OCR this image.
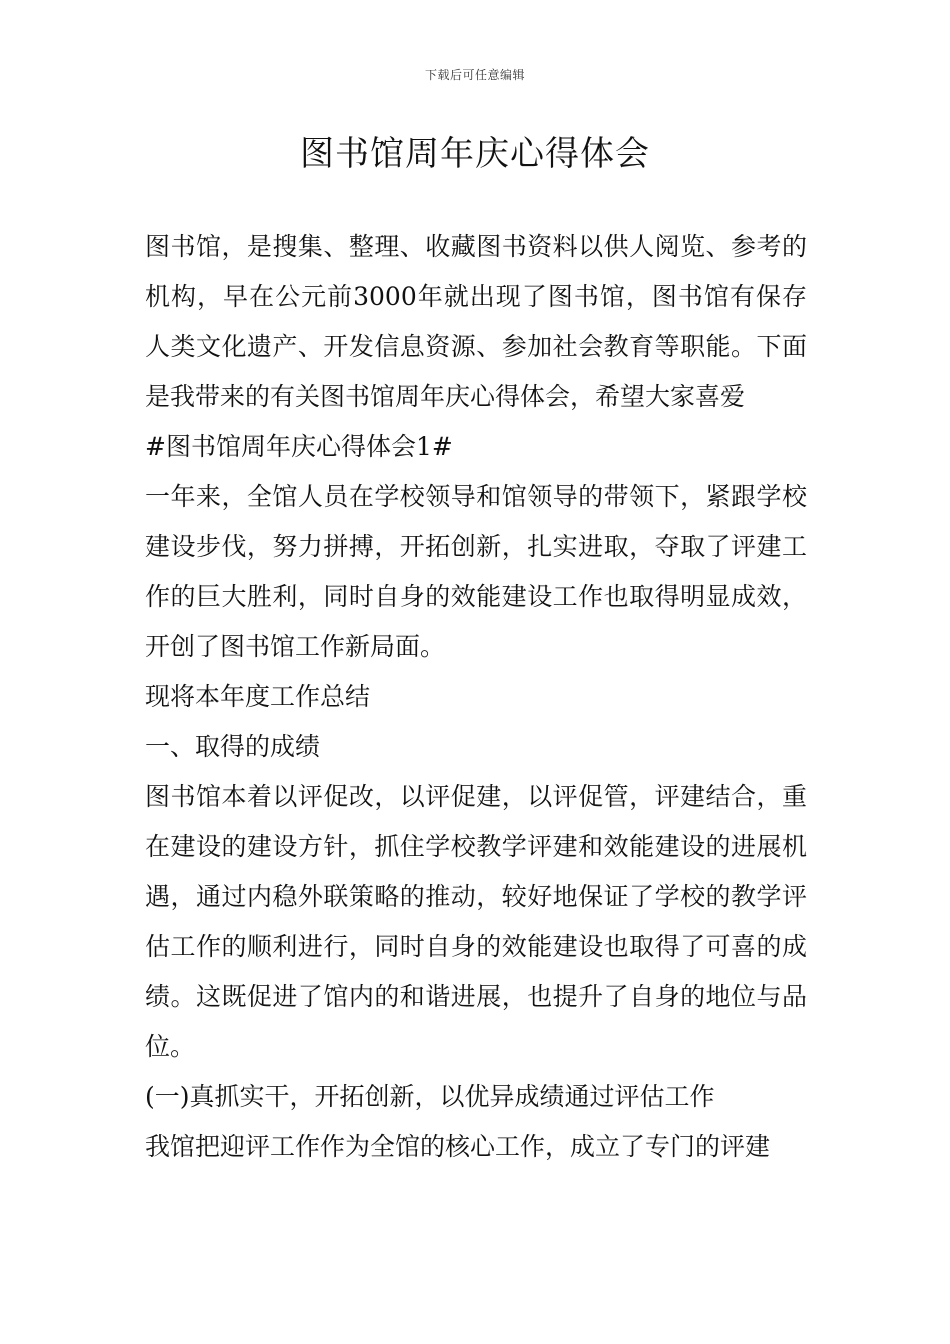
下载后可任意编辑
图书馆周年庆心得体会

图书馆，是搜集、整理、收藏图书资料以供人阅览、参考的机构，早在公元前3000年就出现了图书馆，图书馆有保存人类文化遗产、开发信息资源、参加社会教育等职能。下面是我带来的有关图书馆周年庆心得体会，希望大家喜爱

#图书馆周年庆心得体会1#

一年来，全馆人员在学校领导和馆领导的带领下，紧跟学校建设步伐，努力拼搏，开拓创新，扎实进取，夺取了评建工作的巨大胜利，同时自身的效能建设工作也取得明显成效，开创了图书馆工作新局面。

现将本年度工作总结

一、取得的成绩

图书馆本着以评促改，以评促建，以评促管，评建结合，重在建设的建设方针，抓住学校教学评建和效能建设的进展机遇，通过内稳外联策略的推动，较好地保证了学校的教学评估工作的顺利进行，同时自身的效能建设也取得了可喜的成绩。这既促进了馆内的和谐进展，也提升了自身的地位与品位。

(一)真抓实干，开拓创新，以优异成绩通过评估工作

我馆把迎评工作作为全馆的核心工作，成立了专门的评建
